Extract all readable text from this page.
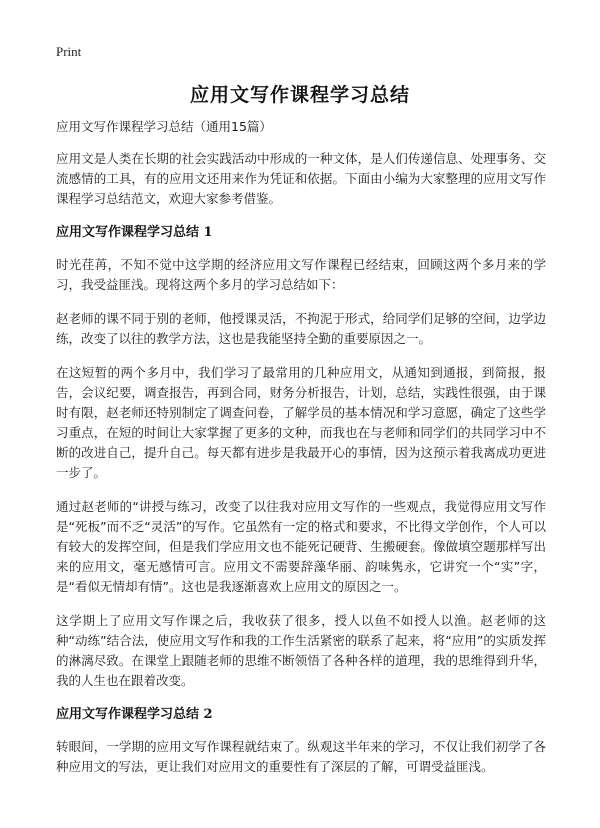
Print
应用文写作课程学习总结

应用文写作课程学习总结（通用15篇）

应用文是人类在长期的社会实践活动中形成的一种文体，是人们传递信息、处理事务、交流感情的工具，有的应用文还用来作为凭证和依据。下面由小编为大家整理的应用文写作课程学习总结范文，欢迎大家参考借鉴。

应用文写作课程学习总结 1

时光荏苒，不知不觉中这学期的经济应用文写作课程已经结束，回顾这两个多月来的学习，我受益匪浅。现将这两个多月的学习总结如下：

赵老师的课不同于别的老师，他授课灵活，不拘泥于形式，给同学们足够的空间，边学边练，改变了以往的教学方法，这也是我能坚持全勤的重要原因之一。

在这短暂的两个多月中，我们学习了最常用的几种应用文，从通知到通报，到简报，报告，会议纪要，调查报告，再到合同，财务分析报告，计划，总结，实践性很强，由于课时有限，赵老师还特别制定了调查问卷，了解学员的基本情况和学习意愿，确定了这些学习重点，在短的时间让大家掌握了更多的文种，而我也在与老师和同学们的共同学习中不断的改进自己，提升自己。每天都有进步是我最开心的事情，因为这预示着我离成功更进一步了。

通过赵老师的“讲授与练习，改变了以往我对应用文写作的一些观点，我觉得应用文写作是“死板”而不乏“灵活”的写作。它虽然有一定的格式和要求，不比得文学创作，个人可以有较大的发挥空间，但是我们学应用文也不能死记硬背、生搬硬套。像做填空题那样写出来的应用文，毫无感情可言。应用文不需要辞藻华丽、韵味隽永，它讲究一个“实”字，是“看似无情却有情”。这也是我逐渐喜欢上应用文的原因之一。

这学期上了应用文写作课之后，我收获了很多，授人以鱼不如授人以渔。赵老师的这种“动练”结合法，使应用文写作和我的工作生活紧密的联系了起来，将“应用”的实质发挥的淋漓尽致。在课堂上跟随老师的思维不断领悟了各种各样的道理，我的思维得到升华，我的人生也在跟着改变。

应用文写作课程学习总结 2

转眼间，一学期的应用文写作课程就结束了。纵观这半年来的学习，不仅让我们初学了各种应用文的写法，更让我们对应用文的重要性有了深层的了解，可谓受益匪浅。
